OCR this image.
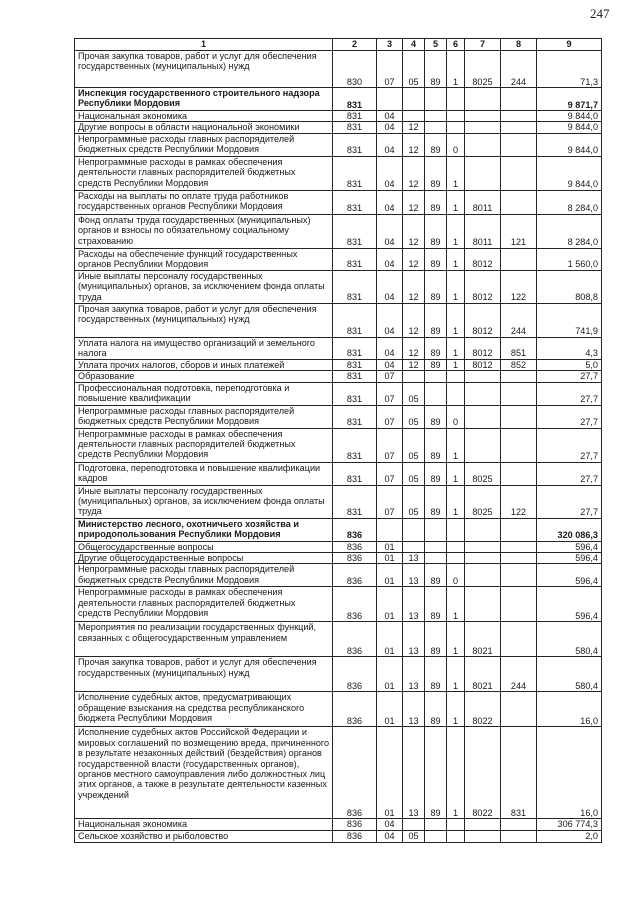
247
1	2	3	4	5	6	7	8	9
Прочая закупка товаров, работ и услуг для обеспечения государственных (муниципальных) нужд	830	07	05	89	1	8025	244	71,3
Инспекция государственного строительного надзора Республики Мордовия	831							9 871,7
Национальная экономика	831	04						9 844,0
Другие вопросы в области национальной экономики	831	04	12					9 844,0
Непрограммные расходы главных распорядителей бюджетных средств Республики Мордовия	831	04	12	89	0			9 844,0
Непрограммные расходы в рамках обеспечения деятельности главных распорядителей бюджетных средств Республики Мордовия	831	04	12	89	1			9 844,0
Расходы на выплаты по оплате труда работников государственных органов Республики Мордовия	831	04	12	89	1	8011		8 284,0
Фонд оплаты труда государственных (муниципальных) органов и взносы по обязательному социальному страхованию	831	04	12	89	1	8011	121	8 284,0
Расходы на обеспечение функций государственных органов Республики Мордовия	831	04	12	89	1	8012		1 560,0
Иные выплаты персоналу государственных (муниципальных) органов, за исключением фонда оплаты труда	831	04	12	89	1	8012	122	808,8
Прочая закупка товаров, работ и услуг для обеспечения государственных (муниципальных) нужд	831	04	12	89	1	8012	244	741,9
Уплата налога на имущество организаций и земельного налога	831	04	12	89	1	8012	851	4,3
Уплата прочих налогов, сборов и иных платежей	831	04	12	89	1	8012	852	5,0
Образование	831	07						27,7
Профессиональная подготовка, переподготовка и повышение квалификации	831	07	05					27,7
Непрограммные расходы главных распорядителей бюджетных средств Республики Мордовия	831	07	05	89	0			27,7
Непрограммные расходы в рамках обеспечения деятельности главных распорядителей бюджетных средств Республики Мордовия	831	07	05	89	1			27,7
Подготовка, переподготовка и повышение квалификации кадров	831	07	05	89	1	8025		27,7
Иные выплаты персоналу государственных (муниципальных) органов, за исключением фонда оплаты труда	831	07	05	89	1	8025	122	27,7
Министерство лесного, охотничьего хозяйства и природопользования Республики Мордовия	836							320 086,3
Общегосударственные вопросы	836	01						596,4
Другие общегосударственные вопросы	836	01	13					596,4
Непрограммные расходы главных распорядителей бюджетных средств Республики Мордовия	836	01	13	89	0			596,4
Непрограммные расходы в рамках обеспечения деятельности главных распорядителей бюджетных средств Республики Мордовия	836	01	13	89	1			596,4
Мероприятия по реализации государственных функций, связанных с общегосударственным управлением	836	01	13	89	1	8021		580,4
Прочая закупка товаров, работ и услуг для обеспечения государственных (муниципальных) нужд	836	01	13	89	1	8021	244	580,4
Исполнение судебных актов, предусматривающих обращение взыскания на средства республиканского бюджета Республики Мордовия	836	01	13	89	1	8022		16,0
Исполнение судебных актов Российской Федерации и мировых соглашений по возмещению вреда, причиненного в результате незаконных действий (бездействия) органов государственной власти (государственных органов), органов местного самоуправления либо должностных лиц этих органов, а также в результате деятельности казенных учреждений	836	01	13	89	1	8022	831	16,0
Национальная экономика	836	04						306 774,3
Сельское хозяйство и рыболовство	836	04	05					2,0
